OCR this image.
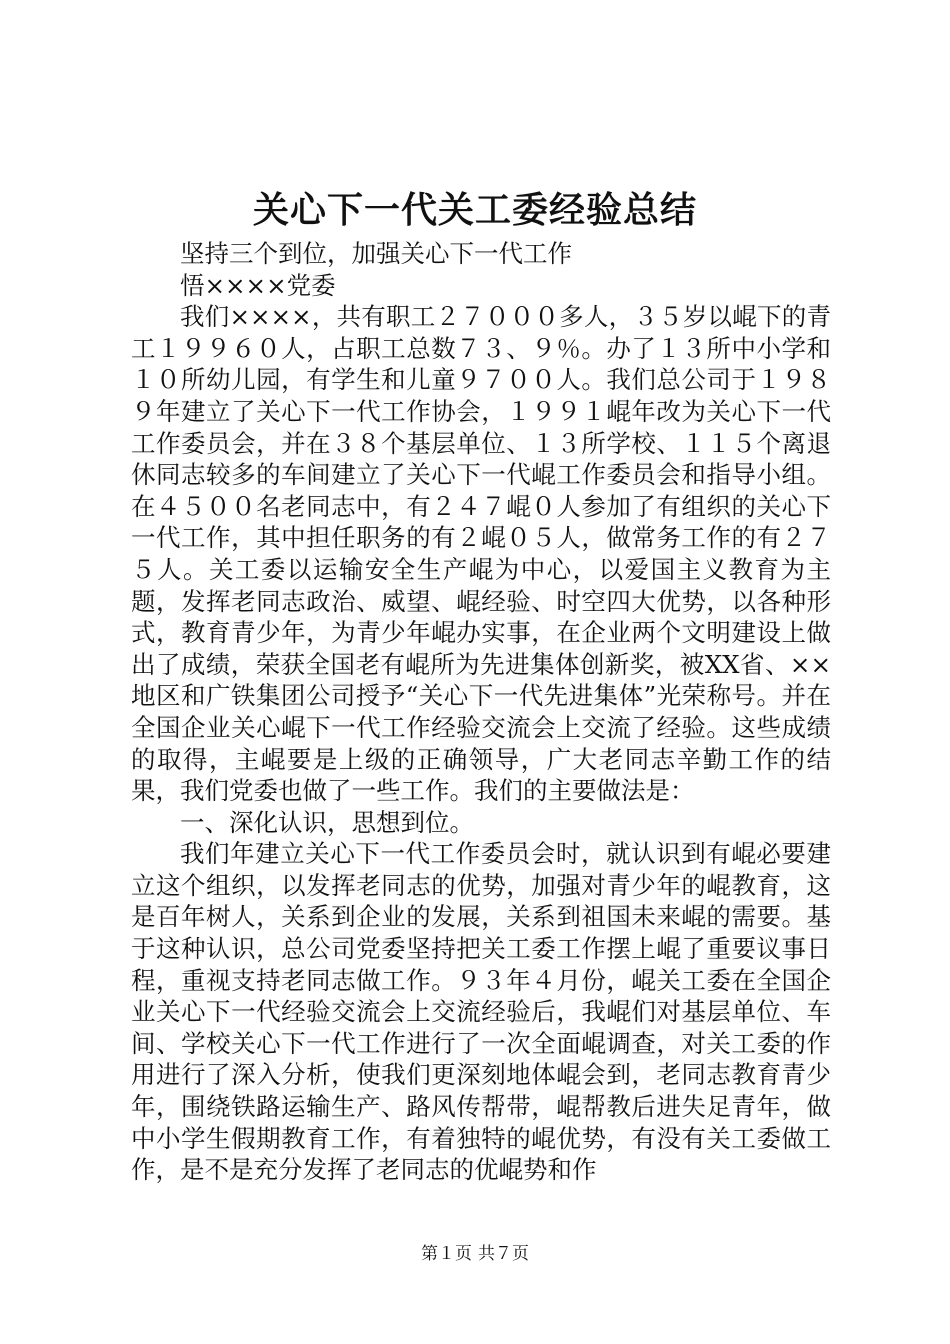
关心下一代关工委经验总结

坚持三个到位，加强关心下一代工作

悟××××党委

我们××××，共有职工２７０００多人，３５岁以崐下的青工１９９６０人，占职工总数７３、９％。办了１３所中小学和１０所幼儿园，有学生和儿童９７００人。我们总公司于１９８９年建立了关心下一代工作协会，１９９１崐年改为关心下一代工作委员会，并在３８个基层单位、１３所学校、１１５个离退休同志较多的车间建立了关心下一代崐工作委员会和指导小组。在４５００名老同志中，有２４７崐０人参加了有组织的关心下一代工作，其中担任职务的有２崐０５人，做常务工作的有２７５人。关工委以运输安全生产崐为中心，以爱国主义教育为主题，发挥老同志政治、威望、崐经验、时空四大优势，以各种形式，教育青少年，为青少年崐办实事，在企业两个文明建设上做出了成绩，荣获全国老有崐所为先进集体创新奖，被XX省、××地区和广铁集团公司授予“关心下一代先进集体”光荣称号。并在全国企业关心崐下一代工作经验交流会上交流了经验。这些成绩的取得，主崐要是上级的正确领导，广大老同志辛勤工作的结果，我们党委也做了一些工作。我们的主要做法是：

一、深化认识，思想到位。

我们年建立关心下一代工作委员会时，就认识到有崐必要建立这个组织，以发挥老同志的优势，加强对青少年的崐教育，这是百年树人，关系到企业的发展，关系到祖国未来崐的需要。基于这种认识，总公司党委坚持把关工委工作摆上崐了重要议事日程，重视支持老同志做工作。９３年４月份，崐关工委在全国企业关心下一代经验交流会上交流经验后，我崐们对基层单位、车间、学校关心下一代工作进行了一次全面崐调查，对关工委的作用进行了深入分析，使我们更深刻地体崐会到，老同志教育青少年，围绕铁路运输生产、路风传帮带，崐帮教后进失足青年，做中小学生假期教育工作，有着独特的崐优势，有没有关工委做工作，是不是充分发挥了老同志的优崐势和作

第１页 共７页
